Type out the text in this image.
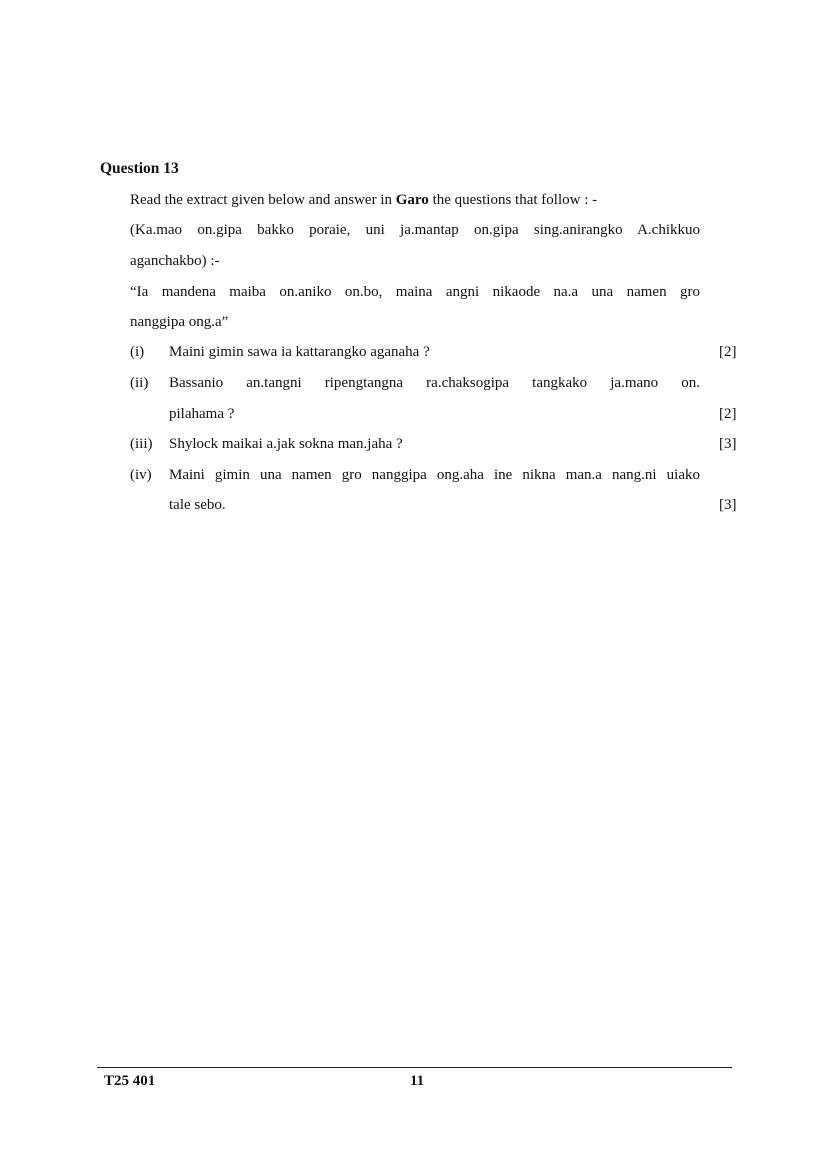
Question 13
Read the extract given below and answer in Garo the questions that follow : -
(Ka.mao on.gipa bakko poraie, uni ja.mantap on.gipa sing.anirangko A.chikkuo
aganchakbo) :-
“Ia mandena maiba on.aniko on.bo, maina angni nikaode na.a una namen gro
nanggipa ong.a”
(i) Maini gimin sawa ia kattarangko aganaha ?	[2]
(ii) Bassanio an.tangni ripengtangna ra.chaksogipa tangkako ja.mano on.
pilahama ?	[2]
(iii) Shylock maikai a.jak sokna man.jaha ?	[3]
(iv) Maini gimin una namen gro nanggipa ong.aha ine nikna man.a nang.ni uiako
tale sebo.	[3]
T25 401	11
